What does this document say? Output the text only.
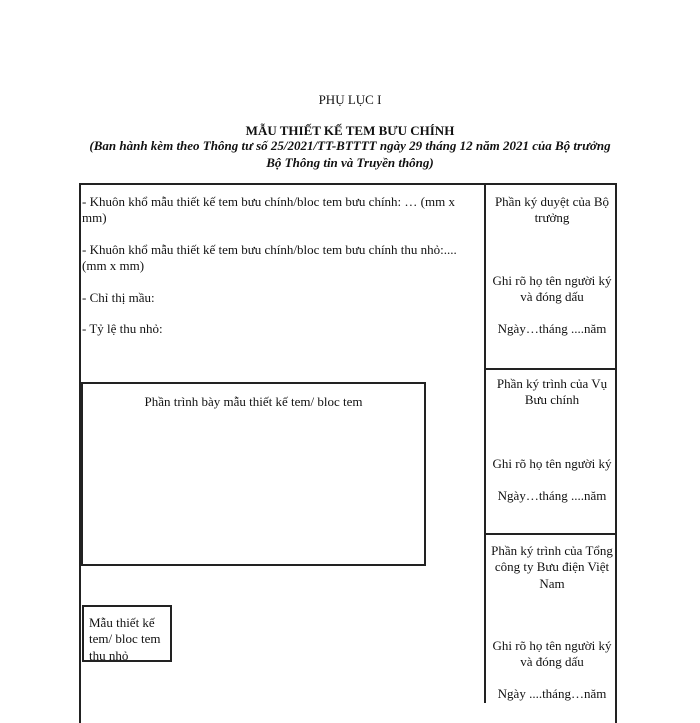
PHỤ LỤC I
MẪU THIẾT KẾ TEM BƯU CHÍNH
(Ban hành kèm theo Thông tư số 25/2021/TT-BTTTT ngày 29 tháng 12 năm 2021 của Bộ trưởng
Bộ Thông tin và Truyền thông)
- Khuôn khổ mẫu thiết kế tem bưu chính/bloc tem bưu chính: … (mm x mm)
- Khuôn khổ mẫu thiết kế tem bưu chính/bloc tem bưu chính thu nhỏ:.... (mm x mm)
- Chỉ thị mầu:
- Tỷ lệ thu nhỏ:
Phần trình bày mẫu thiết kế tem/ bloc tem
Mẫu thiết kế tem/ bloc tem thu nhỏ
Phần ký duyệt của Bộ trưởng
Ghi rõ họ tên người ký và đóng dấu
Ngày…tháng ....năm
Phần ký trình của Vụ Bưu chính
Ghi rõ họ tên người ký
Ngày…tháng ....năm
Phần ký trình của Tổng công ty Bưu điện Việt Nam
Ghi rõ họ tên người ký và đóng dấu
Ngày ....tháng…năm
